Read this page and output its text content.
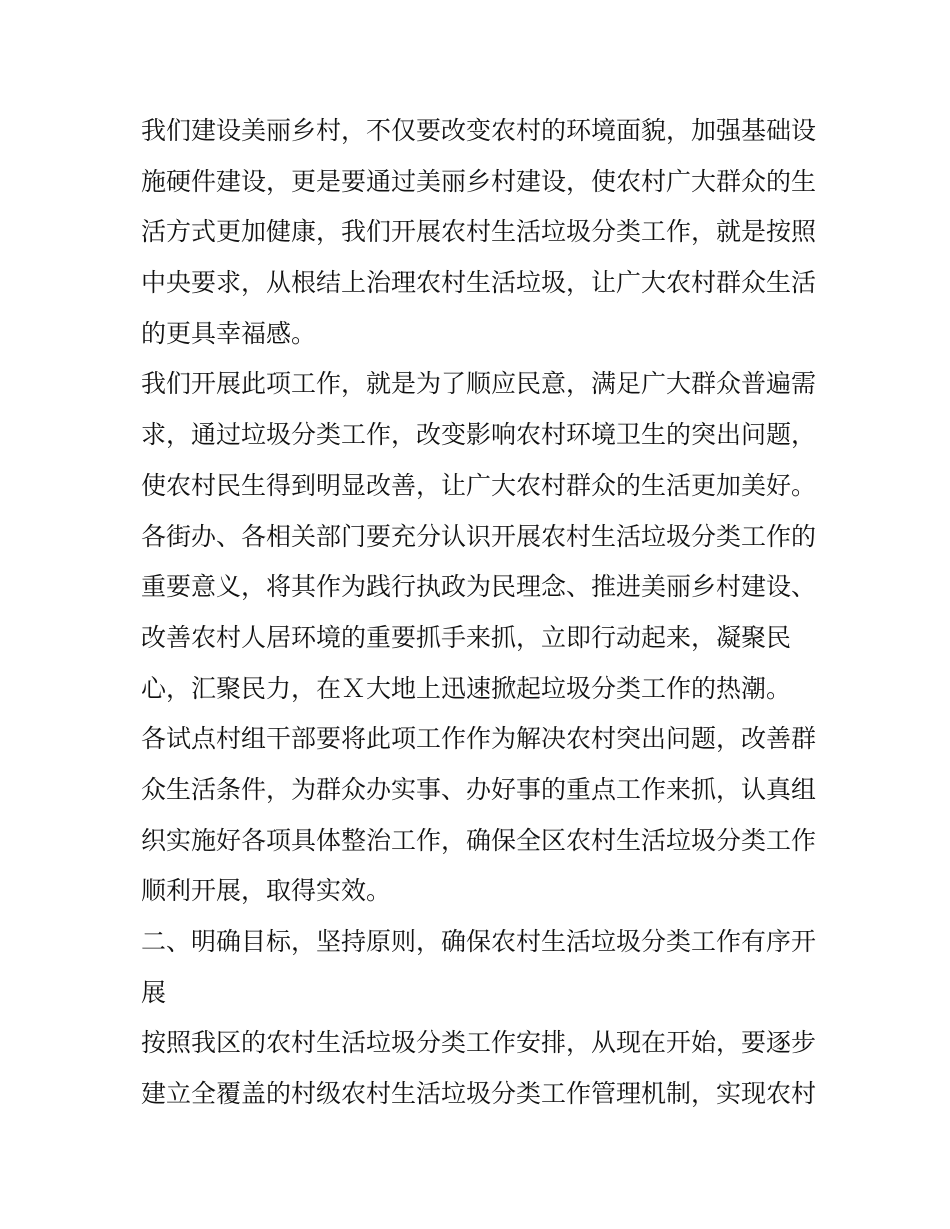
我们建设美丽乡村，不仅要改变农村的环境面貌，加强基础设
施硬件建设，更是要通过美丽乡村建设，使农村广大群众的生
活方式更加健康，我们开展农村生活垃圾分类工作，就是按照
中央要求，从根结上治理农村生活垃圾，让广大农村群众生活
的更具幸福感。
我们开展此项工作，就是为了顺应民意，满足广大群众普遍需
求，通过垃圾分类工作，改变影响农村环境卫生的突出问题，
使农村民生得到明显改善，让广大农村群众的生活更加美好。
各街办、各相关部门要充分认识开展农村生活垃圾分类工作的
重要意义，将其作为践行执政为民理念、推进美丽乡村建设、
改善农村人居环境的重要抓手来抓，立即行动起来，凝聚民
心，汇聚民力，在Ｘ大地上迅速掀起垃圾分类工作的热潮。
各试点村组干部要将此项工作作为解决农村突出问题，改善群
众生活条件，为群众办实事、办好事的重点工作来抓，认真组
织实施好各项具体整治工作，确保全区农村生活垃圾分类工作
顺利开展，取得实效。
二、明确目标，坚持原则，确保农村生活垃圾分类工作有序开
展
按照我区的农村生活垃圾分类工作安排，从现在开始，要逐步
建立全覆盖的村级农村生活垃圾分类工作管理机制，实现农村
